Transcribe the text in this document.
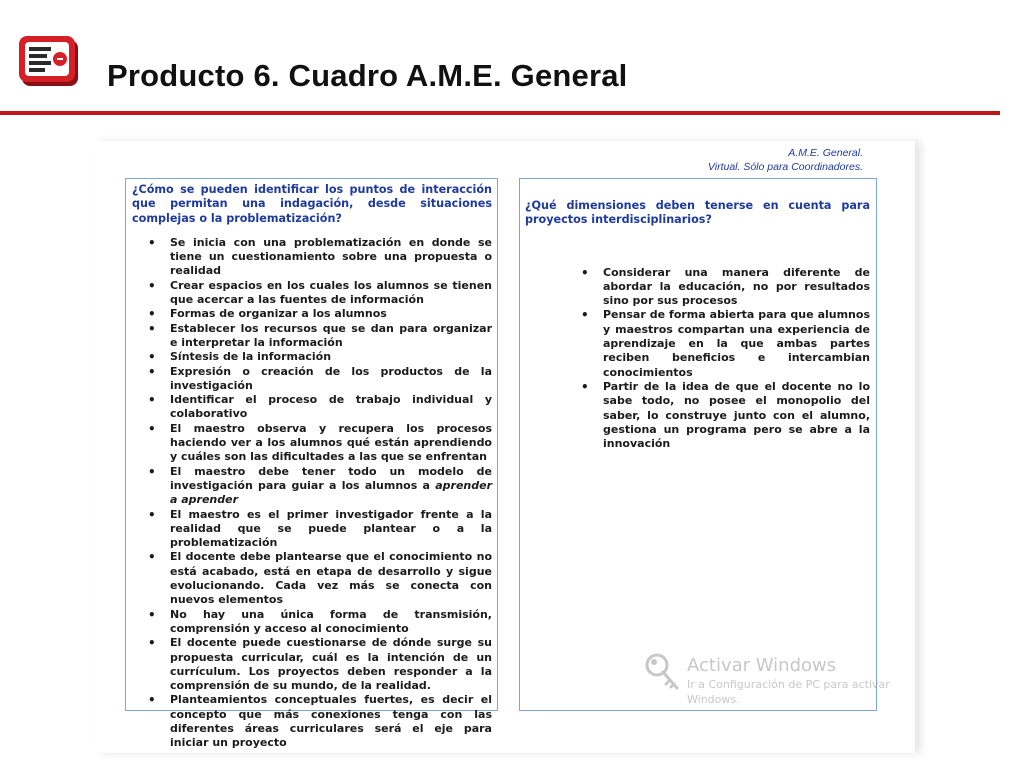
Producto 6. Cuadro A.M.E. General

A.M.E. General.
Virtual. Sólo para Coordinadores.

¿Cómo se pueden identificar los puntos de interacción que permitan una indagación, desde situaciones complejas o la problematización?

• Se inicia con una problematización en donde se tiene un cuestionamiento sobre una propuesta o realidad
• Crear espacios en los cuales los alumnos se tienen que acercar a las fuentes de información
• Formas de organizar a los alumnos
• Establecer los recursos que se dan para organizar e interpretar la información
• Síntesis de la información
• Expresión o creación de los productos de la investigación
• Identificar el proceso de trabajo individual y colaborativo
• El maestro observa y recupera los procesos haciendo ver a los alumnos qué están aprendiendo y cuáles son las dificultades a las que se enfrentan
• El maestro debe tener todo un modelo de investigación para guiar a los alumnos a aprender a aprender
• El maestro es el primer investigador frente a la realidad que se puede plantear o a la problematización
• El docente debe plantearse que el conocimiento no está acabado, está en etapa de desarrollo y sigue evolucionando. Cada vez más se conecta con nuevos elementos
• No hay una única forma de transmisión, comprensión y acceso al conocimiento
• El docente puede cuestionarse de dónde surge su propuesta curricular, cuál es la intención de un currículum. Los proyectos deben responder a la comprensión de su mundo, de la realidad.
• Planteamientos conceptuales fuertes, es decir el concepto que más conexiones tenga con las diferentes áreas curriculares será el eje para iniciar un proyecto

¿Qué dimensiones deben tenerse en cuenta para proyectos interdisciplinarios?

• Considerar una manera diferente de abordar la educación, no por resultados sino por sus procesos
• Pensar de forma abierta para que alumnos y maestros compartan una experiencia de aprendizaje en la que ambas partes reciben beneficios e intercambian conocimientos
• Partir de la idea de que el docente no lo sabe todo, no posee el monopolio del saber, lo construye junto con el alumno, gestiona un programa pero se abre a la innovación
Activar Windows
Ir a Configuración de PC para activar Windows.
